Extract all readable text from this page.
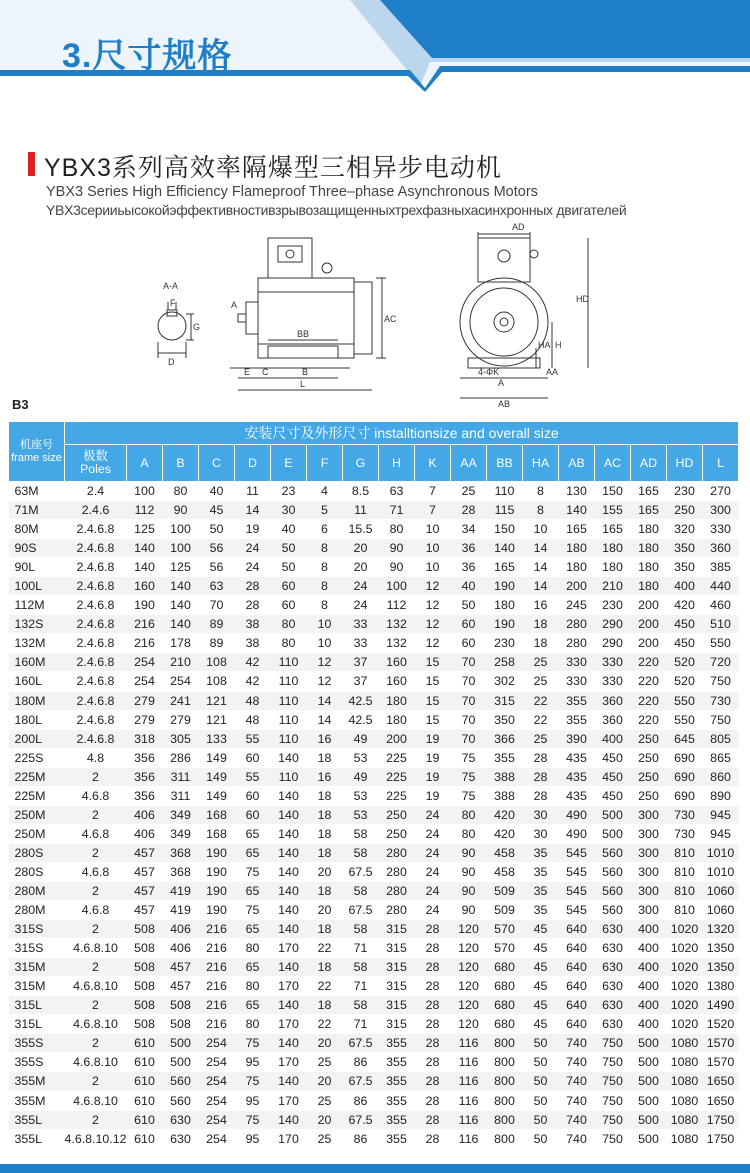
3.尺寸规格
YBX3系列高效率隔爆型三相异步电动机
YBX3 Series High Efficiency Flameproof Three–phase Asynchronous Motors
YBX3серииьысокойэффективностивзрывозащищенныхтрехфазныхасинхронных двигателей
A-A
F
G
D
A
BB
AC
E C	B
L
AD
4-ΦK
A
AB
HA H
HD
AA
B3
机座号
frame size	安装尺寸及外形尺寸 installtionsize and overall size																	
	极数
Poles	A	B	C	D	E	F	G	H	K	AA	BB	HA	AB	AC	AD	HD	L
63M	2.4	100	80	40	11	23	4	8.5	63	7	25	110	8	130	150	165	230	270
71M	2.4.6	112	90	45	14	30	5	11	71	7	28	115	8	140	155	165	250	300
80M	2.4.6.8	125	100	50	19	40	6	15.5	80	10	34	150	10	165	165	180	320	330
90S	2.4.6.8	140	100	56	24	50	8	20	90	10	36	140	14	180	180	180	350	360
90L	2.4.6.8	140	125	56	24	50	8	20	90	10	36	165	14	180	180	180	350	385
100L	2.4.6.8	160	140	63	28	60	8	24	100	12	40	190	14	200	210	180	400	440
112M	2.4.6.8	190	140	70	28	60	8	24	112	12	50	180	16	245	230	200	420	460
132S	2.4.6.8	216	140	89	38	80	10	33	132	12	60	190	18	280	290	200	450	510
132M	2.4.6.8	216	178	89	38	80	10	33	132	12	60	230	18	280	290	200	450	550
160M	2.4.6.8	254	210	108	42	110	12	37	160	15	70	258	25	330	330	220	520	720
160L	2.4.6.8	254	254	108	42	110	12	37	160	15	70	302	25	330	330	220	520	750
180M	2.4.6.8	279	241	121	48	110	14	42.5	180	15	70	315	22	355	360	220	550	730
180L	2.4.6.8	279	279	121	48	110	14	42.5	180	15	70	350	22	355	360	220	550	750
200L	2.4.6.8	318	305	133	55	110	16	49	200	19	70	366	25	390	400	250	645	805
225S	4.8	356	286	149	60	140	18	53	225	19	75	355	28	435	450	250	690	865
225M	2	356	311	149	55	110	16	49	225	19	75	388	28	435	450	250	690	860
225M	4.6.8	356	311	149	60	140	18	53	225	19	75	388	28	435	450	250	690	890
250M	2	406	349	168	60	140	18	53	250	24	80	420	30	490	500	300	730	945
250M	4.6.8	406	349	168	65	140	18	58	250	24	80	420	30	490	500	300	730	945
280S	2	457	368	190	65	140	18	58	280	24	90	458	35	545	560	300	810	1010
280S	4.6.8	457	368	190	75	140	20	67.5	280	24	90	458	35	545	560	300	810	1010
280M	2	457	419	190	65	140	18	58	280	24	90	509	35	545	560	300	810	1060
280M	4.6.8	457	419	190	75	140	20	67.5	280	24	90	509	35	545	560	300	810	1060
315S	2	508	406	216	65	140	18	58	315	28	120	570	45	640	630	400	1020	1320
315S	4.6.8.10	508	406	216	80	170	22	71	315	28	120	570	45	640	630	400	1020	1350
315M	2	508	457	216	65	140	18	58	315	28	120	680	45	640	630	400	1020	1350
315M	4.6.8.10	508	457	216	80	170	22	71	315	28	120	680	45	640	630	400	1020	1380
315L	2	508	508	216	65	140	18	58	315	28	120	680	45	640	630	400	1020	1490
315L	4.6.8.10	508	508	216	80	170	22	71	315	28	120	680	45	640	630	400	1020	1520
355S	2	610	500	254	75	140	20	67.5	355	28	116	800	50	740	750	500	1080	1570
355S	4.6.8.10	610	500	254	95	170	25	86	355	28	116	800	50	740	750	500	1080	1570
355M	2	610	560	254	75	140	20	67.5	355	28	116	800	50	740	750	500	1080	1650
355M	4.6.8.10	610	560	254	95	170	25	86	355	28	116	800	50	740	750	500	1080	1650
355L	2	610	630	254	75	140	20	67.5	355	28	116	800	50	740	750	500	1080	1750
355L	4.6.8.10.12	610	630	254	95	170	25	86	355	28	116	800	50	740	750	500	1080	1750
